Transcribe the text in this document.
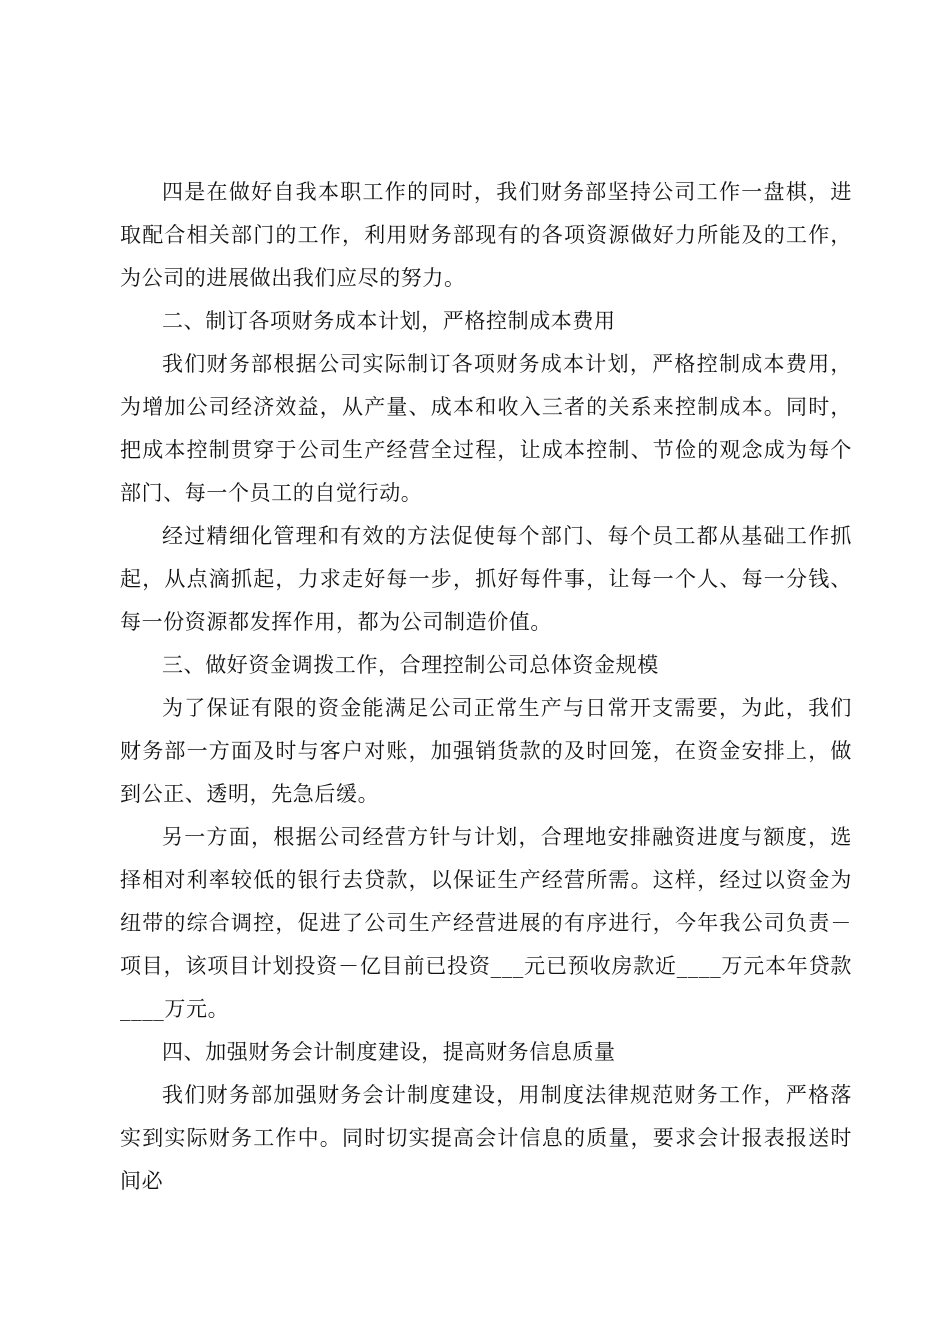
四是在做好自我本职工作的同时，我们财务部坚持公司工作一盘棋，进取配合相关部门的工作，利用财务部现有的各项资源做好力所能及的工作，为公司的进展做出我们应尽的努力。

二、制订各项财务成本计划，严格控制成本费用

我们财务部根据公司实际制订各项财务成本计划，严格控制成本费用，为增加公司经济效益，从产量、成本和收入三者的关系来控制成本。同时，把成本控制贯穿于公司生产经营全过程，让成本控制、节俭的观念成为每个部门、每一个员工的自觉行动。

经过精细化管理和有效的方法促使每个部门、每个员工都从基础工作抓起，从点滴抓起，力求走好每一步，抓好每件事，让每一个人、每一分钱、每一份资源都发挥作用，都为公司制造价值。

三、做好资金调拨工作，合理控制公司总体资金规模

为了保证有限的资金能满足公司正常生产与日常开支需要，为此，我们财务部一方面及时与客户对账，加强销货款的及时回笼，在资金安排上，做到公正、透明，先急后缓。

另一方面，根据公司经营方针与计划，合理地安排融资进度与额度，选择相对利率较低的银行去贷款，以保证生产经营所需。这样，经过以资金为纽带的综合调控，促进了公司生产经营进展的有序进行，今年我公司负责－项目，该项目计划投资－亿目前已投资___元已预收房款近____万元本年贷款____万元。

四、加强财务会计制度建设，提高财务信息质量

我们财务部加强财务会计制度建设，用制度法律规范财务工作，严格落实到实际财务工作中。同时切实提高会计信息的质量，要求会计报表报送时间必
